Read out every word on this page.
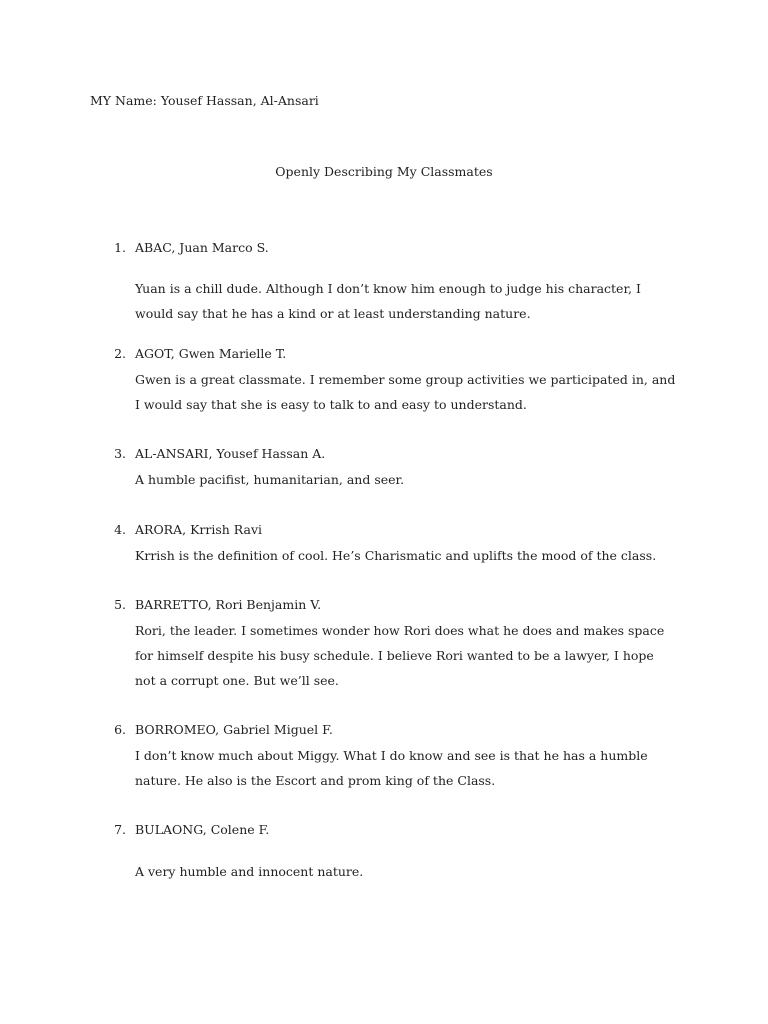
MY Name: Yousef Hassan, Al-Ansari
Openly Describing My Classmates
1. ABAC, Juan Marco S.
Yuan is a chill dude. Although I don’t know him enough to judge his character, I
would say that he has a kind or at least understanding nature.
2. AGOT, Gwen Marielle T.
Gwen is a great classmate. I remember some group activities we participated in, and
I would say that she is easy to talk to and easy to understand.
3. AL-ANSARI, Yousef Hassan A.
A humble pacifist, humanitarian, and seer.
4. ARORA, Krrish Ravi
Krrish is the definition of cool. He’s Charismatic and uplifts the mood of the class.
5. BARRETTO, Rori Benjamin V.
Rori, the leader. I sometimes wonder how Rori does what he does and makes space
for himself despite his busy schedule. I believe Rori wanted to be a lawyer, I hope
not a corrupt one. But we’ll see.
6. BORROMEO, Gabriel Miguel F.
I don’t know much about Miggy. What I do know and see is that he has a humble
nature. He also is the Escort and prom king of the Class.
7. BULAONG, Colene F.
A very humble and innocent nature.
